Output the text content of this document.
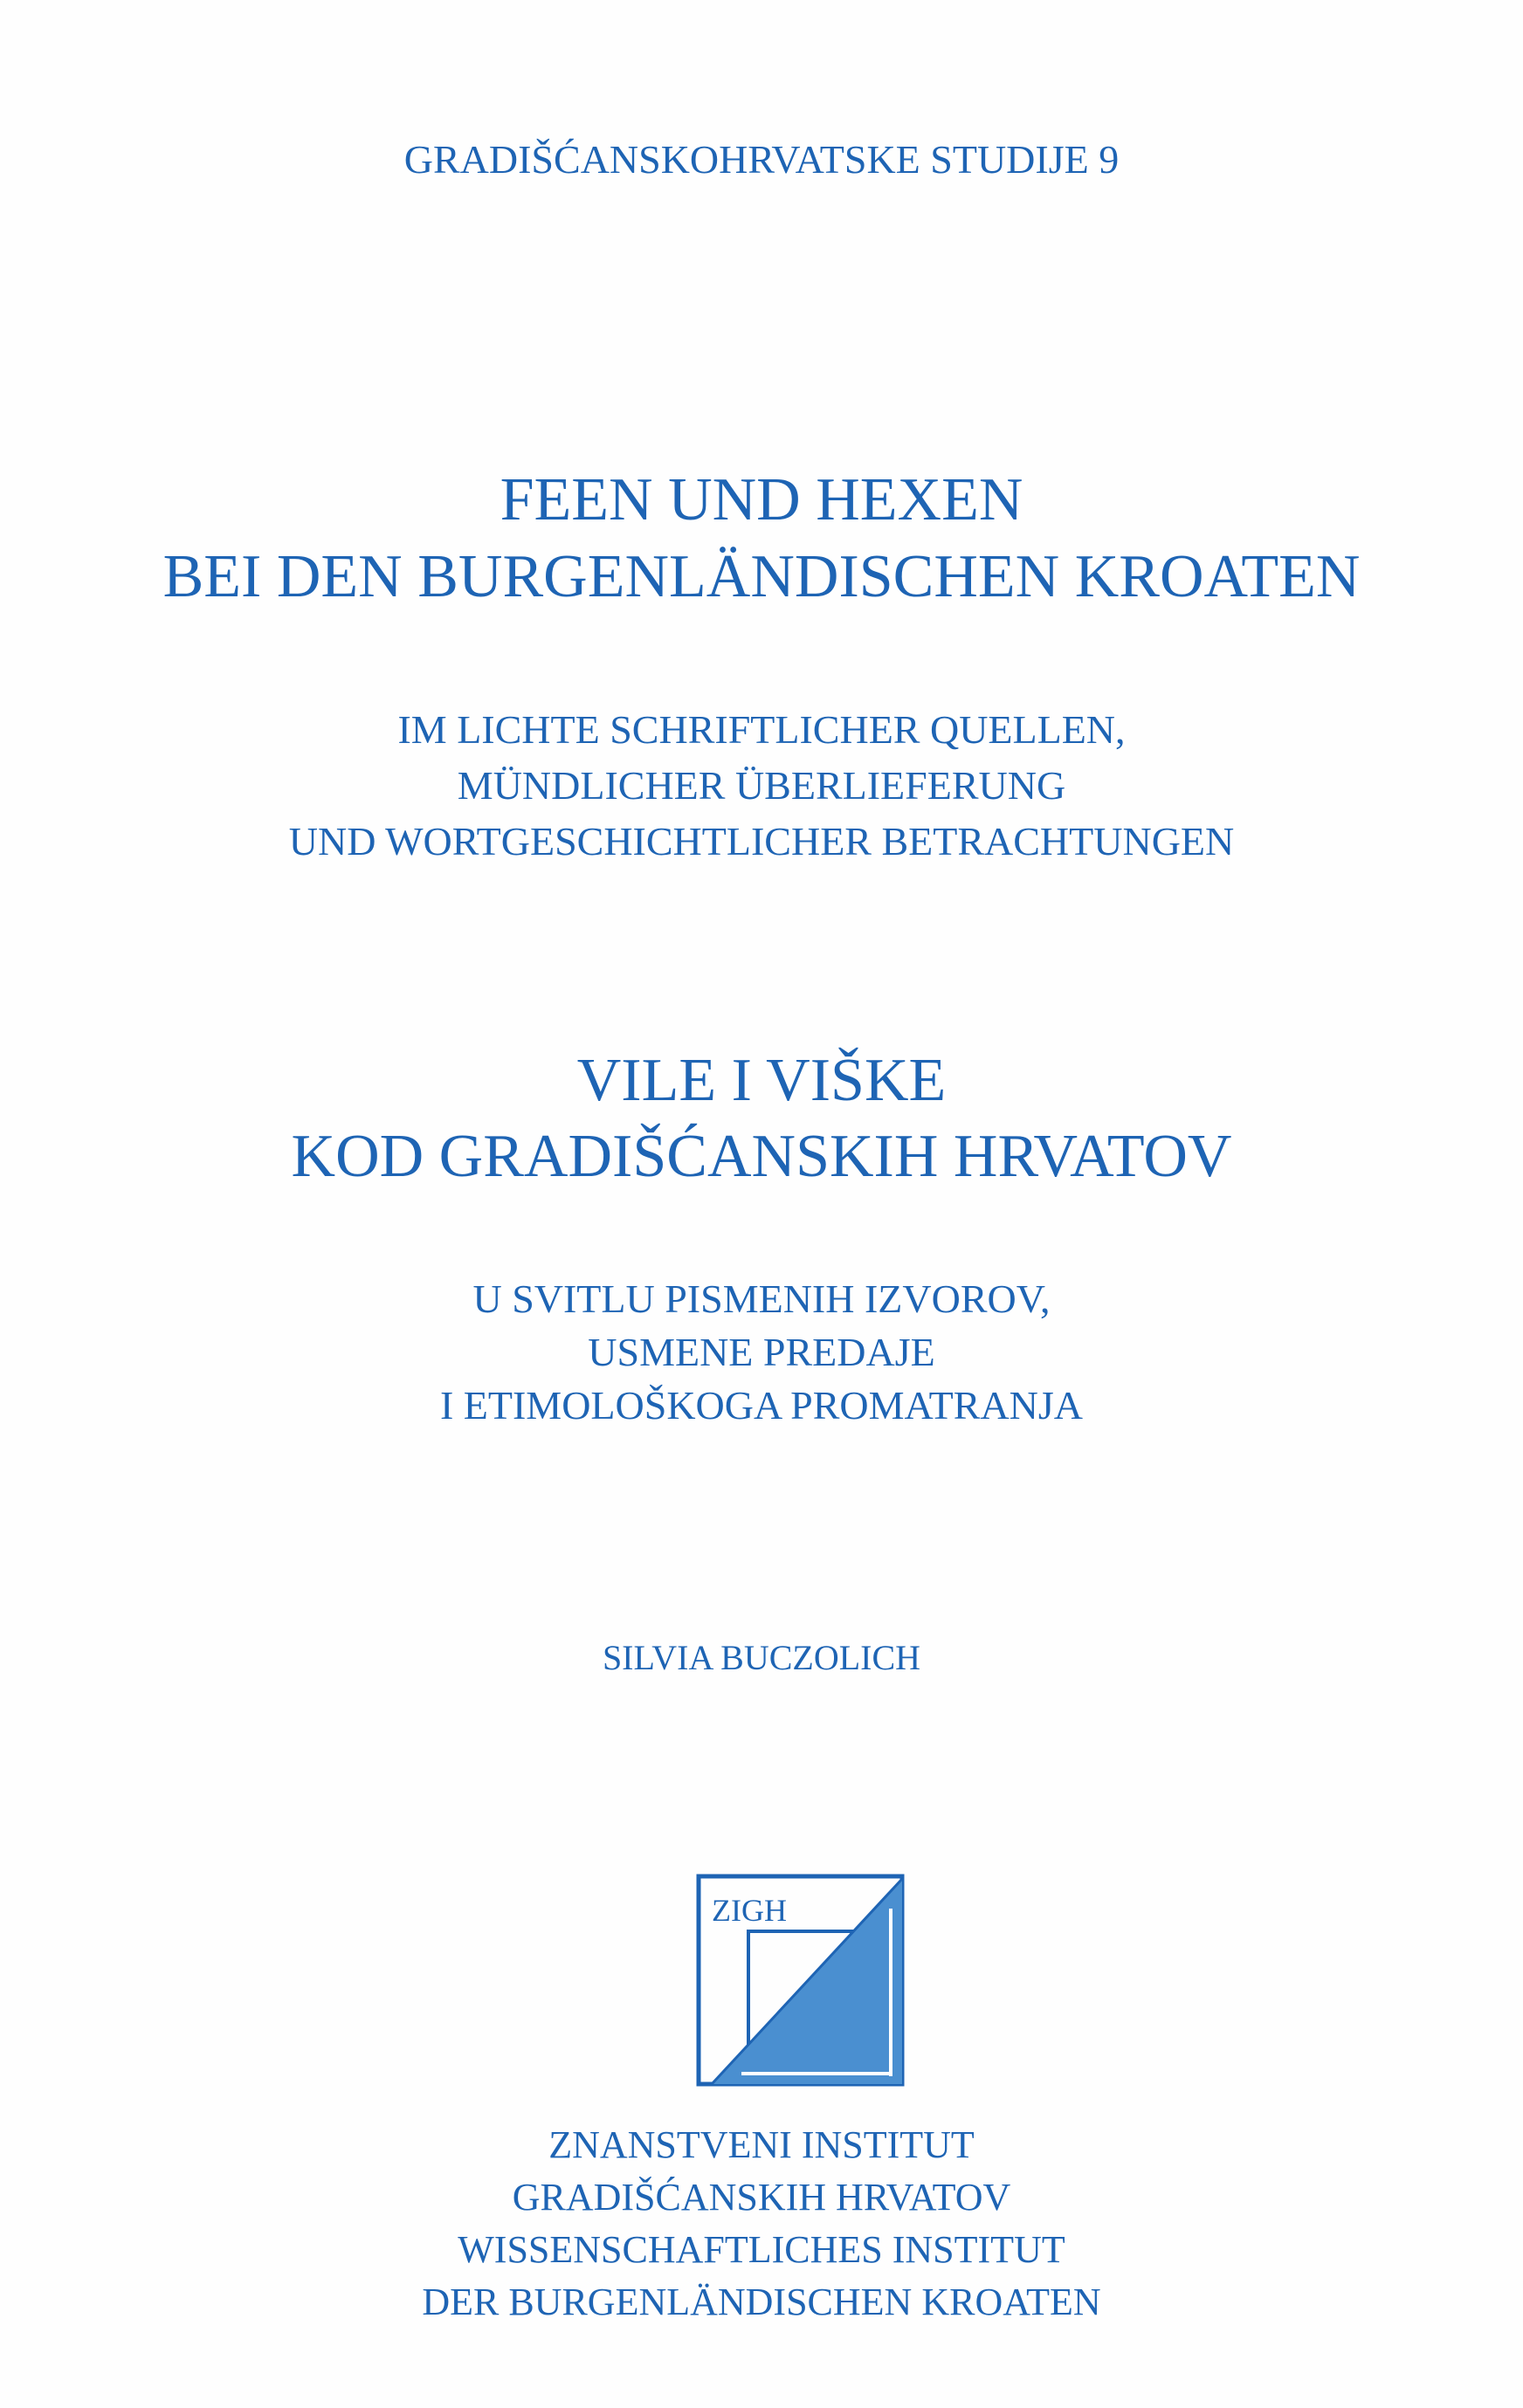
GRADIŠĆANSKOHRVATSKE STUDIJE 9
FEEN UND HEXEN
BEI DEN BURGENLÄNDISCHEN KROATEN
IM LICHTE SCHRIFTLICHER QUELLEN,
MÜNDLICHER ÜBERLIEFERUNG
UND WORTGESCHICHTLICHER BETRACHTUNGEN
VILE I VIŠKE
KOD GRADIŠĆANSKIH HRVATOV
U SVITLU PISMENIH IZVOROV,
USMENE PREDAJE
I ETIMOLOŠKOGA PROMATRANJA
SILVIA BUCZOLICH
ZIGH
ZNANSTVENI INSTITUT
GRADIŠĆANSKIH HRVATOV
WISSENSCHAFTLICHES INSTITUT
DER BURGENLÄNDISCHEN KROATEN
